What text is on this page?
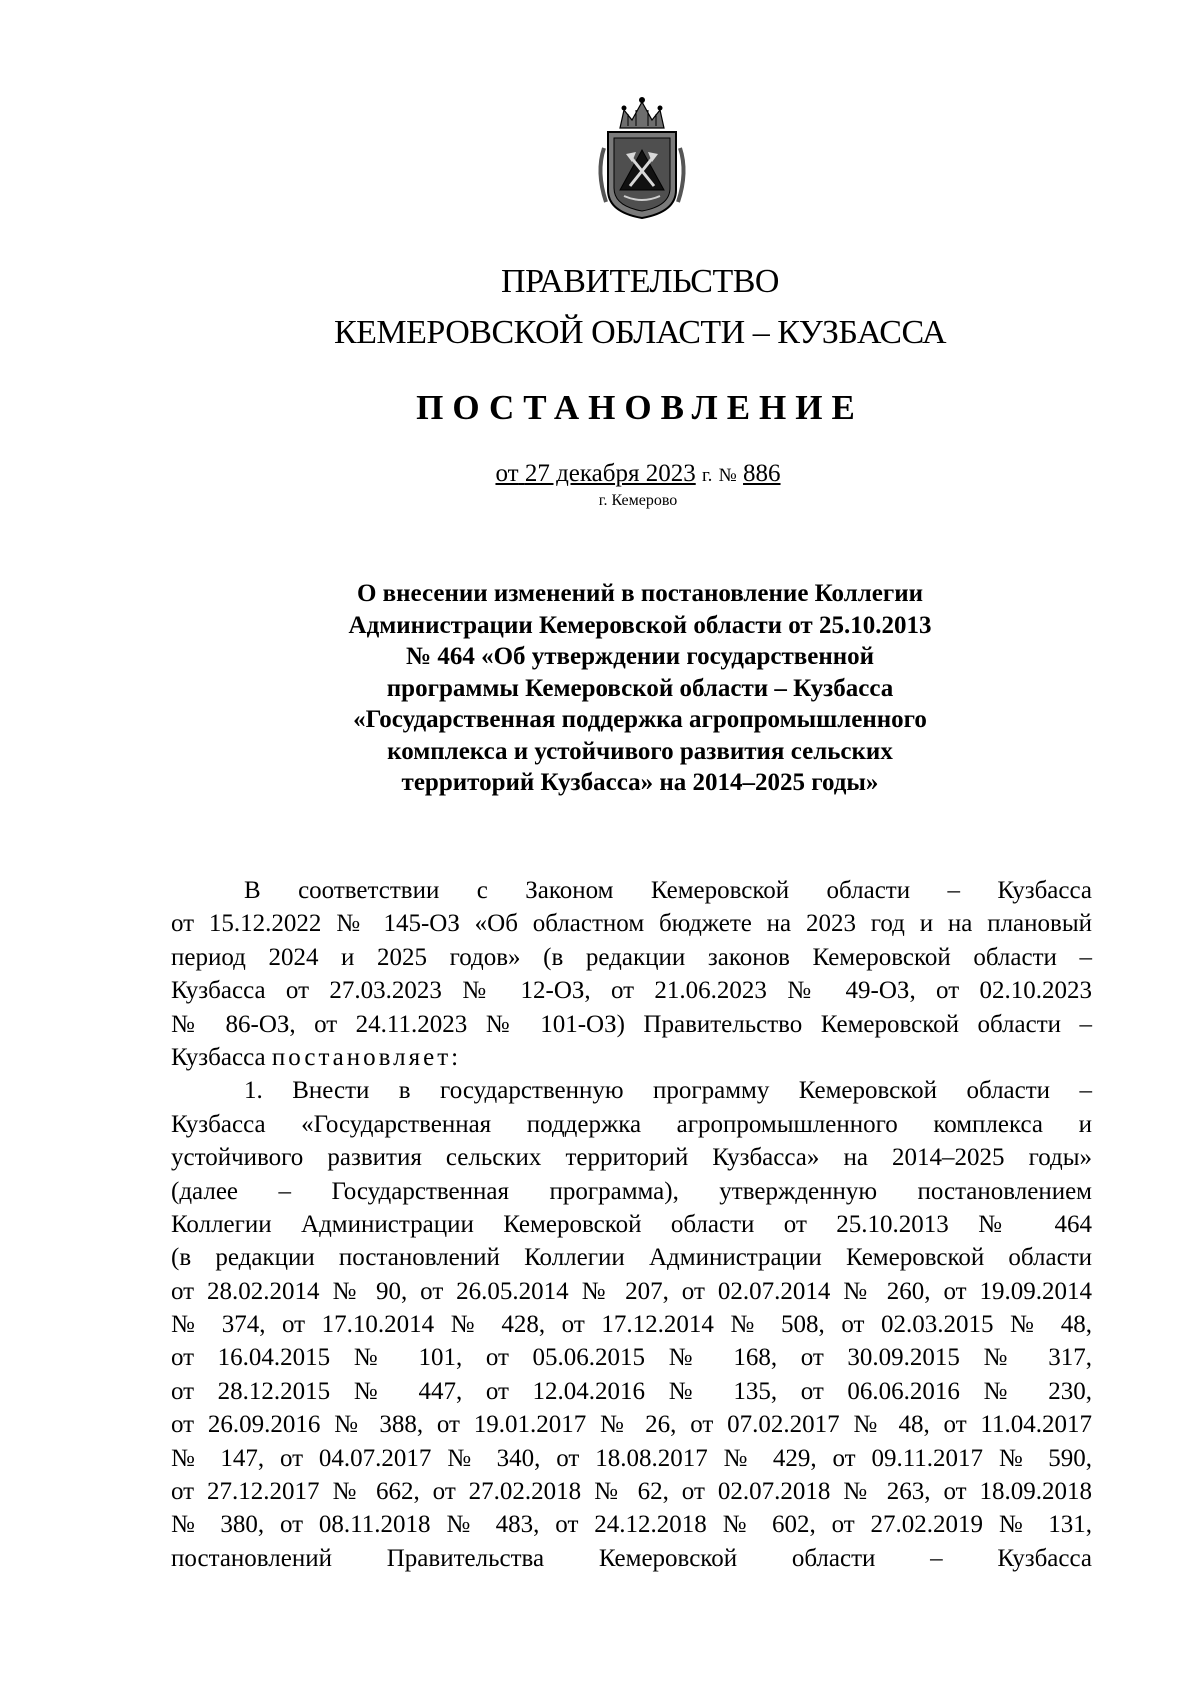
ПРАВИТЕЛЬСТВО
КЕМЕРОВСКОЙ ОБЛАСТИ – КУЗБАССА
ПОСТАНОВЛЕНИЕ
от 27 декабря 2023 г. № 886
г. Кемерово
О внесении изменений в постановление Коллегии
Администрации Кемеровской области от 25.10.2013
№ 464 «Об утверждении государственной
программы Кемеровской области – Кузбасса
«Государственная поддержка агропромышленного
комплекса и устойчивого развития сельских
территорий Кузбасса» на 2014–2025 годы»
В соответствии с Законом Кемеровской области – Кузбасса
от 15.12.2022 № 145-ОЗ «Об областном бюджете на 2023 год и на плановый
период 2024 и 2025 годов» (в редакции законов Кемеровской области –
Кузбасса от 27.03.2023 № 12-ОЗ, от 21.06.2023 № 49-ОЗ, от 02.10.2023
№ 86-ОЗ, от 24.11.2023 № 101-ОЗ) Правительство Кемеровской области –
Кузбасса постановляет:
1. Внести в государственную программу Кемеровской области –
Кузбасса «Государственная поддержка агропромышленного комплекса и
устойчивого развития сельских территорий Кузбасса» на 2014–2025 годы»
(далее – Государственная программа), утвержденную постановлением
Коллегии Администрации Кемеровской области от 25.10.2013 № 464
(в редакции постановлений Коллегии Администрации Кемеровской области
от 28.02.2014 № 90, от 26.05.2014 № 207, от 02.07.2014 № 260, от 19.09.2014
№ 374, от 17.10.2014 № 428, от 17.12.2014 № 508, от 02.03.2015 № 48,
от 16.04.2015 № 101, от 05.06.2015 № 168, от 30.09.2015 № 317,
от 28.12.2015 № 447, от 12.04.2016 № 135, от 06.06.2016 № 230,
от 26.09.2016 № 388, от 19.01.2017 № 26, от 07.02.2017 № 48, от 11.04.2017
№ 147, от 04.07.2017 № 340, от 18.08.2017 № 429, от 09.11.2017 № 590,
от 27.12.2017 № 662, от 27.02.2018 № 62, от 02.07.2018 № 263, от 18.09.2018
№ 380, от 08.11.2018 № 483, от 24.12.2018 № 602, от 27.02.2019 № 131,
постановлений Правительства Кемеровской области – Кузбасса
